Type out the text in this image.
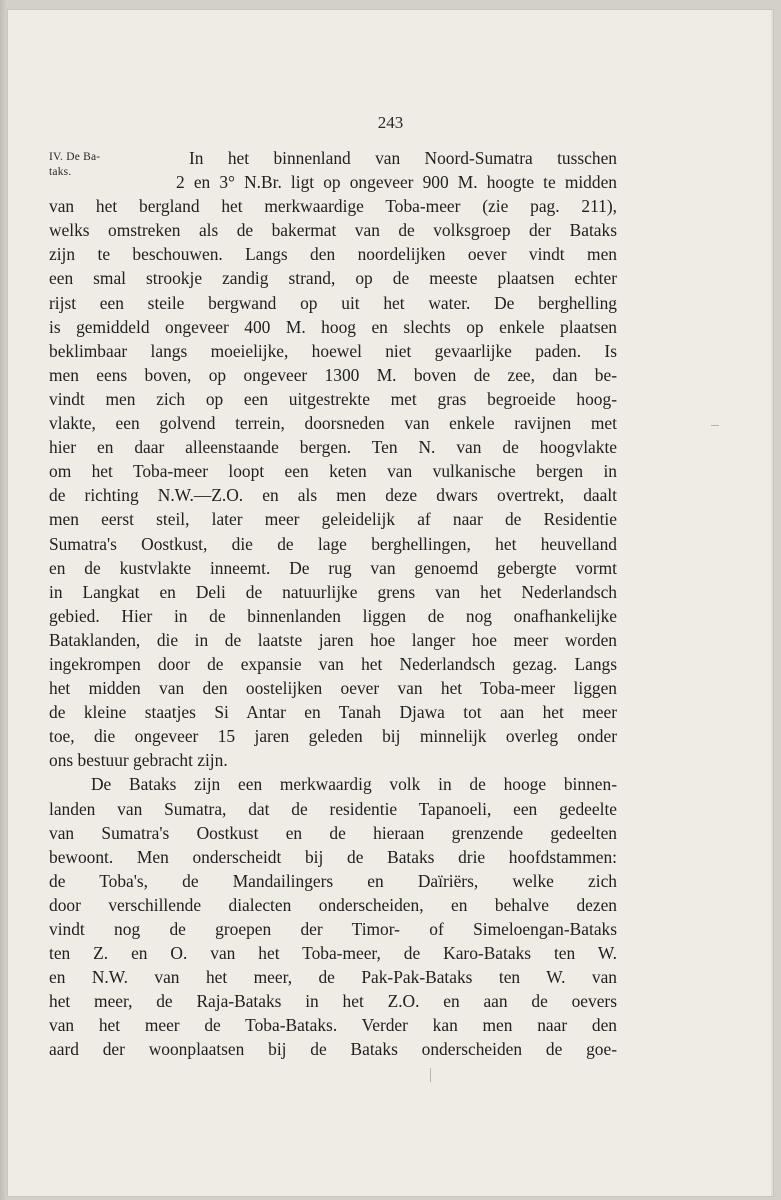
243
IV. De Ba-
taks.
In het binnenland van Noord-Sumatra tusschen
2 en 3° N.Br. ligt op ongeveer 900 M. hoogte te midden
van het bergland het merkwaardige Toba-meer (zie pag. 211),
welks omstreken als de bakermat van de volksgroep der Bataks
zijn te beschouwen. Langs den noordelijken oever vindt men
een smal strookje zandig strand, op de meeste plaatsen echter
rijst een steile bergwand op uit het water. De berghelling
is gemiddeld ongeveer 400 M. hoog en slechts op enkele plaatsen
beklimbaar langs moeielijke, hoewel niet gevaarlijke paden. Is
men eens boven, op ongeveer 1300 M. boven de zee, dan be-
vindt men zich op een uitgestrekte met gras begroeide hoog-
vlakte, een golvend terrein, doorsneden van enkele ravijnen met
hier en daar alleenstaande bergen. Ten N. van de hoogvlakte
om het Toba-meer loopt een keten van vulkanische bergen in
de richting N.W.—Z.O. en als men deze dwars overtrekt, daalt
men eerst steil, later meer geleidelijk af naar de Residentie
Sumatra's Oostkust, die de lage berghellingen, het heuvelland
en de kustvlakte inneemt. De rug van genoemd gebergte vormt
in Langkat en Deli de natuurlijke grens van het Nederlandsch
gebied. Hier in de binnenlanden liggen de nog onafhankelijke
Bataklanden, die in de laatste jaren hoe langer hoe meer worden
ingekrompen door de expansie van het Nederlandsch gezag. Langs
het midden van den oostelijken oever van het Toba-meer liggen
de kleine staatjes Si Antar en Tanah Djawa tot aan het meer
toe, die ongeveer 15 jaren geleden bij minnelijk overleg onder
ons bestuur gebracht zijn.
De Bataks zijn een merkwaardig volk in de hooge binnen-
landen van Sumatra, dat de residentie Tapanoeli, een gedeelte
van Sumatra's Oostkust en de hieraan grenzende gedeelten
bewoont. Men onderscheidt bij de Bataks drie hoofdstammen:
de Toba's, de Mandailingers en Daïriërs, welke zich
door verschillende dialecten onderscheiden, en behalve dezen
vindt nog de groepen der Timor- of Simeloengan-Bataks
ten Z. en O. van het Toba-meer, de Karo-Bataks ten W.
en N.W. van het meer, de Pak-Pak-Bataks ten W. van
het meer, de Raja-Bataks in het Z.O. en aan de oevers
van het meer de Toba-Bataks. Verder kan men naar den
aard der woonplaatsen bij de Bataks onderscheiden de goe-
